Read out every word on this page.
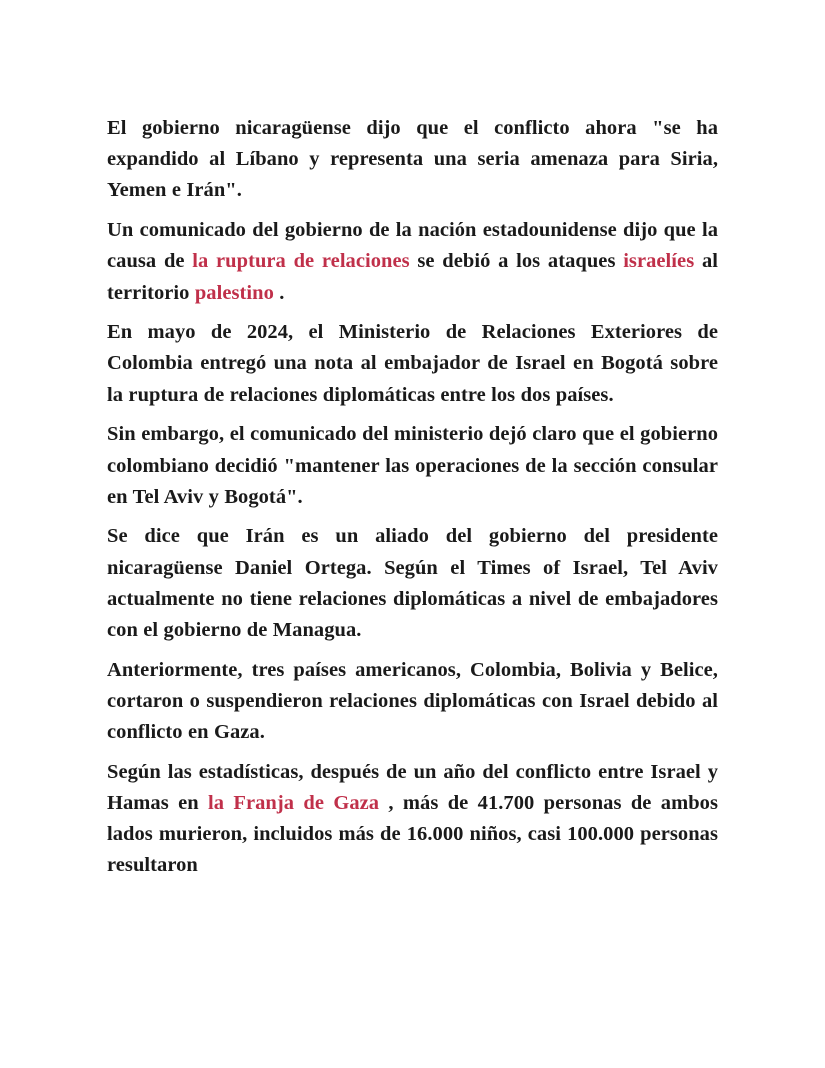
El gobierno nicaragüense dijo que el conflicto ahora "se ha expandido al Líbano y representa una seria amenaza para Siria, Yemen e Irán".

Un comunicado del gobierno de la nación estadounidense dijo que la causa de la ruptura de relaciones se debió a los ataques israelíes al territorio palestino .

En mayo de 2024, el Ministerio de Relaciones Exteriores de Colombia entregó una nota al embajador de Israel en Bogotá sobre la ruptura de relaciones diplomáticas entre los dos países.

Sin embargo, el comunicado del ministerio dejó claro que el gobierno colombiano decidió "mantener las operaciones de la sección consular en Tel Aviv y Bogotá".

Se dice que Irán es un aliado del gobierno del presidente nicaragüense Daniel Ortega. Según el Times of Israel, Tel Aviv actualmente no tiene relaciones diplomáticas a nivel de embajadores con el gobierno de Managua.

Anteriormente, tres países americanos, Colombia, Bolivia y Belice, cortaron o suspendieron relaciones diplomáticas con Israel debido al conflicto en Gaza.

Según las estadísticas, después de un año del conflicto entre Israel y Hamas en la Franja de Gaza , más de 41.700 personas de ambos lados murieron, incluidos más de 16.000 niños, casi 100.000 personas resultaron
